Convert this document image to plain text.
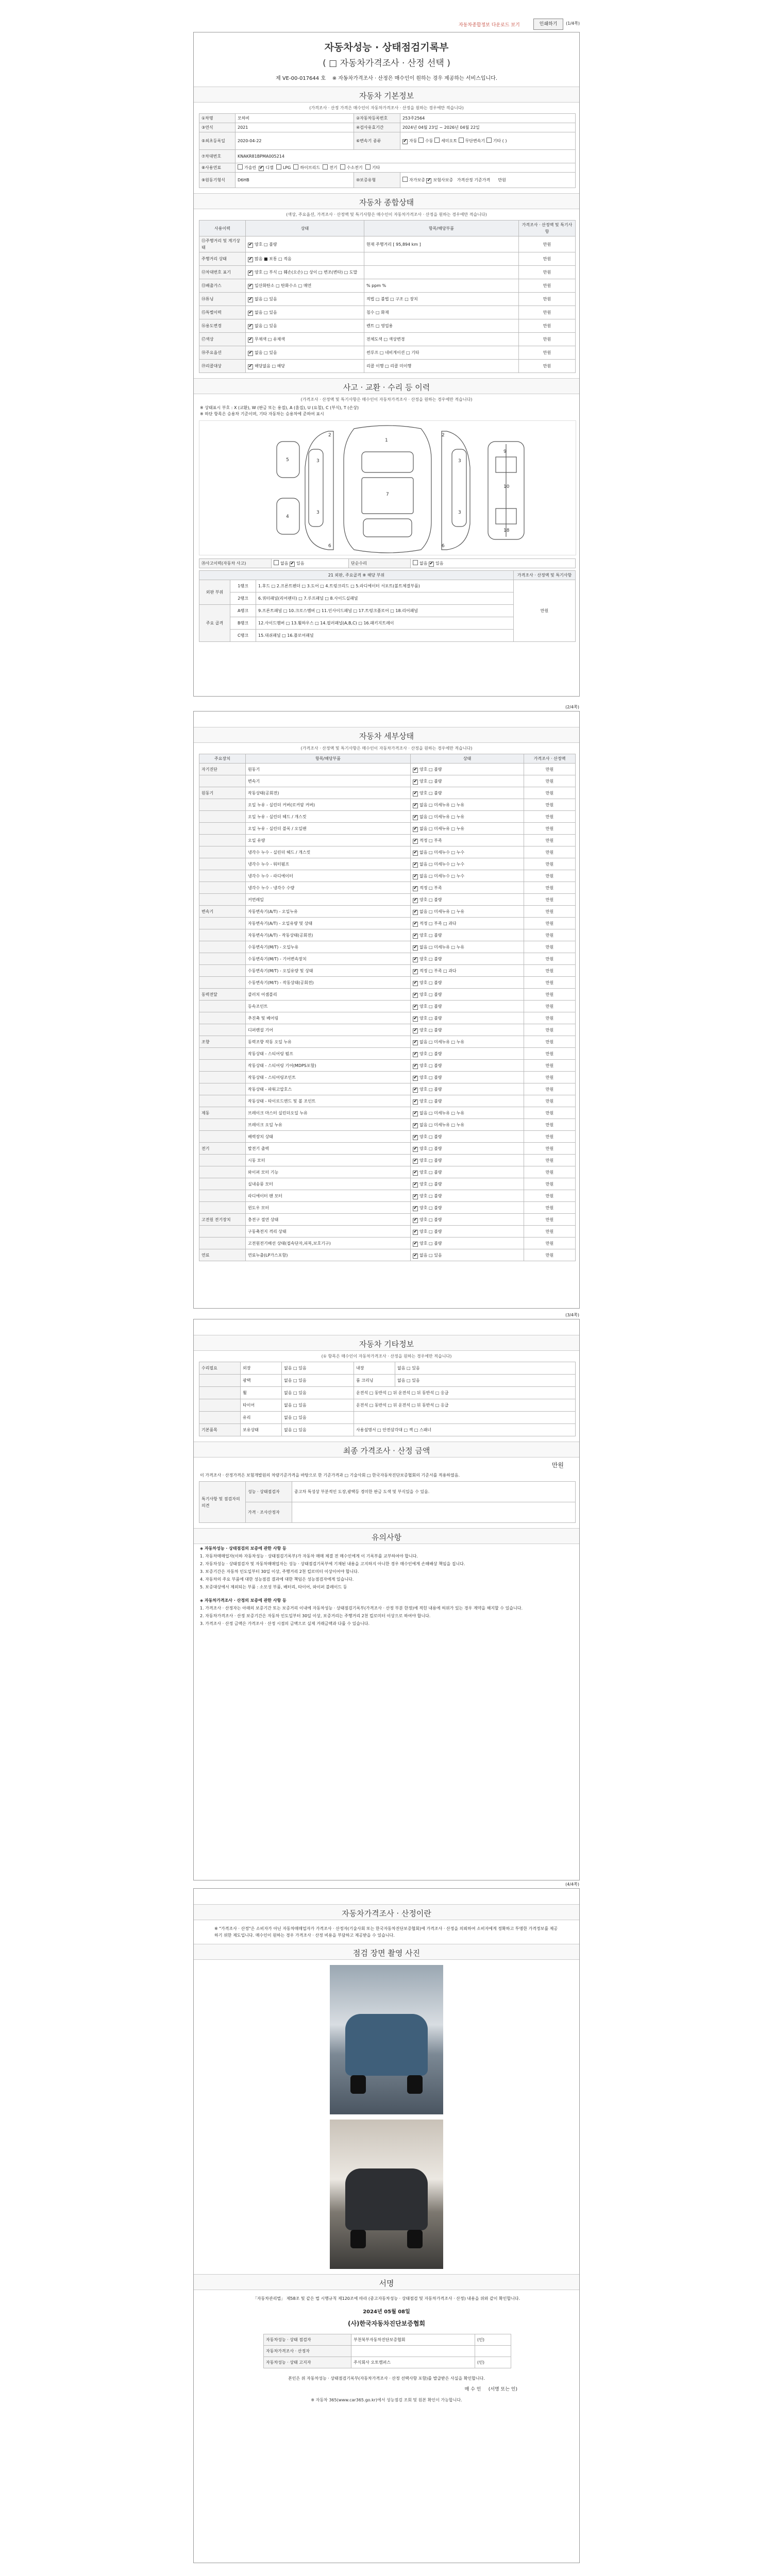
자동차종합정보 다운로드 보기	인쇄하기	(1/4쪽)
자동차성능 · 상태점검기록부
( □ 자동차가격조사 · 산정 선택 )
제 VE-00-017644 호 ※ 자동차가격조사 · 산정은 매수인이 원하는 경우 제공하는 서비스입니다.
자동차 기본정보
(가격조사 · 산정 가격은 매수인이 자동차가격조사 · 산정을 원하는 경우에만 적습니다)
①차명	모하비	②자동차등록번호	253주2564
③연식	2021	④검사유효기간	2024년 04월 23일 ~ 2026년 04월 22일
⑤최초등록일	2020-04-22	⑥변속기 종류	✔자동 수동 세미오토 무단변속기 기타 ( )
⑦차대번호	KNAKR81BPMA005214		
⑧사용연료	가솔린 ✔ 디젤 LPG 하이브리드 전기 수소전기 기타
⑨원동기형식	D6HB	⑩보증유형	자가보증 ✔ 보험사보증 가격산정 기준가격 만원
자동차 종합상태
(색상, 주요옵션, 가격조사 · 산정액 및 특기사항은 매수인이 자동차가격조사 · 산정을 원하는 경우에만 적습니다)
사용이력	상태	항목/해당부품	가격조사 · 산정액 및 특기사항
⑪주행거리 및 계기상태	✔양호 □ 불량	현재 주행거리 [ 95,894 km ]	만원
주행거리 상태	✔많음 ■ 보통 □ 적음		만원
⑫차대번호 표기	✔양호 □ 부식 □ 훼손(오손) □ 상이 □ 변조(변타) □ 도말		만원
⑬배출가스	✔일산화탄소 □ 탄화수소 □ 매연	% ppm %	만원
⑭튜닝	✔없음 □ 있음	적법 □ 불법 □ 구조 □ 장치	만원
⑮특별이력	✔없음 □ 있음	침수 □ 화재	만원
⑯용도변경	✔없음 □ 있음	렌트 □ 영업용	만원
⑰색상	✔무채색 □ 유채색	전체도색 □ 색상변경	만원
⑱주요옵션	✔없음 □ 있음	썬루프 □ 네비게이션 □ 기타	만원
⑲리콜대상	✔해당없음 □ 해당	리콜 이행 □ 리콜 미이행	만원
사고 · 교환 · 수리 등 이력
(가격조사 · 산정액 및 특기사항은 매수인이 자동차가격조사 · 산정을 원하는 경우에만 적습니다)
※ 상태표시 부호 : X (교환), W (판금 또는 용접), A (흠집), U (요철), C (부식), T (손상)
※ 하단 항목은 승용차 기준이며, 기타 자동차는 승용차에 준하여 표시
1
3
3
3
3
7
2	2
6	6
9
10
18
5
4
⑳사고이력(자동차 사고)	없음 ✔ 있음	단순수리	없음 ✔ 있음
21 외판, 주요골격 ※ 해당 부위			가격조사 · 산정액 및 특기사항
외판 부위	1랭크	1.후드 □ 2.프론트펜더 □ 3.도어 □ 4.트렁크리드 □ 5.라디에이터 서포트(볼트체결부품)	만원
	2랭크	6.쿼터패널(리어펜더) □ 7.루프패널 □ 8.사이드실패널	
주요 골격	A랭크	9.프론트패널 □ 10.크로스멤버 □ 11.인사이드패널 □ 17.트렁크플로어 □ 18.리어패널	
	B랭크	12.사이드멤버 □ 13.휠하우스 □ 14.필러패널(A,B,C) □ 16.패키지트레이	
	C랭크	15.대쉬패널 □ 16.플로어패널	
(2/4쪽)
자동차 세부상태
(가격조사 · 산정액 및 특기사항은 매수인이 자동차가격조사 · 산정을 원하는 경우에만 적습니다)
주요장치	항목/해당부품	상태	가격조사 · 산정액
자기진단	원동기	✔양호 □ 불량	만원
	변속기	✔양호 □ 불량	만원
원동기	작동상태(공회전)	✔양호 □ 불량	만원
	오일 누유 - 실린더 커버(로커암 커버)	✔없음 □ 미세누유 □ 누유	만원
	오일 누유 - 실린더 헤드 / 개스킷	✔없음 □ 미세누유 □ 누유	만원
	오일 누유 - 실린더 블록 / 오일팬	✔없음 □ 미세누유 □ 누유	만원
	오일 유량	✔적정 □ 부족	만원
	냉각수 누수 - 실린더 헤드 / 개스킷	✔없음 □ 미세누수 □ 누수	만원
	냉각수 누수 - 워터펌프	✔없음 □ 미세누수 □ 누수	만원
	냉각수 누수 - 라디에이터	✔없음 □ 미세누수 □ 누수	만원
	냉각수 누수 - 냉각수 수량	✔적정 □ 부족	만원
	커먼레일	✔양호 □ 불량	만원
변속기	자동변속기(A/T) - 오일누유	✔없음 □ 미세누유 □ 누유	만원
	자동변속기(A/T) - 오일유량 및 상태	✔적정 □ 부족 □ 과다	만원
	자동변속기(A/T) - 작동상태(공회전)	✔양호 □ 불량	만원
	수동변속기(M/T) - 오일누유	✔없음 □ 미세누유 □ 누유	만원
	수동변속기(M/T) - 기어변속장치	✔양호 □ 불량	만원
	수동변속기(M/T) - 오일유량 및 상태	✔적정 □ 부족 □ 과다	만원
	수동변속기(M/T) - 작동상태(공회전)	✔양호 □ 불량	만원
동력전달	클러치 어셈블리	✔양호 □ 불량	만원
	등속조인트	✔양호 □ 불량	만원
	추진축 및 베어링	✔양호 □ 불량	만원
	디퍼렌셜 기어	✔양호 □ 불량	만원
조향	동력조향 작동 오일 누유	✔없음 □ 미세누유 □ 누유	만원
	작동상태 - 스티어링 펌프	✔양호 □ 불량	만원
	작동상태 - 스티어링 기어(MDPS포함)	✔양호 □ 불량	만원
	작동상태 - 스티어링조인트	✔양호 □ 불량	만원
	작동상태 - 파워고압호스	✔양호 □ 불량	만원
	작동상태 - 타이로드엔드 및 볼 조인트	✔양호 □ 불량	만원
제동	브레이크 마스터 실린더오일 누유	✔없음 □ 미세누유 □ 누유	만원
	브레이크 오일 누유	✔없음 □ 미세누유 □ 누유	만원
	배력장치 상태	✔양호 □ 불량	만원
전기	발전기 출력	✔양호 □ 불량	만원
	시동 모터	✔양호 □ 불량	만원
	와이퍼 모터 기능	✔양호 □ 불량	만원
	실내송풍 모터	✔양호 □ 불량	만원
	라디에이터 팬 모터	✔양호 □ 불량	만원
	윈도우 모터	✔양호 □ 불량	만원
고전원 전기장치	충전구 절연 상태	✔양호 □ 불량	만원
	구동축전지 격리 상태	✔양호 □ 불량	만원
	고전원전기배선 상태(접속단자,피복,보호기구)	✔양호 □ 불량	만원
연료	연료누출(LP가스포함)	✔없음 □ 있음	만원
(3/4쪽)
자동차 기타정보
(① 항목은 매수인이 자동차가격조사 · 산정을 원하는 경우에만 적습니다)
수리필요	외장	없음 □ 있음	내장	없음 □ 있음
	광택	없음 □ 있음	룸 크리닝	없음 □ 있음
	휠	없음 □ 있음	운전석 □ 동반석 □ 뒤 운전석 □ 뒤 동반석 □ 응급	
	타이어	없음 □ 있음	운전석 □ 동반석 □ 뒤 운전석 □ 뒤 동반석 □ 응급	
	유리	없음 □ 있음		
기본품목	보유상태	없음 □ 있음	사용설명서 □ 안전삼각대 □ 잭 □ 스패너	
최종 가격조사 · 산정 금액
만원
이 가격조사 · 산정가격은 보험개발원의 차량기준가격을 바탕으로 한 기준가격과 □ 기술사회 □ 한국자동차진단보증협회의 기준서를 적용하였음.
특기사항 및 점검자의 의견	성능 · 상태점검자	중고차 특성상 부분적인 도장,광택등 경미한 판금 도색 및 부식있을 수 있음.
	가격 · 조사산정자	
유의사항

◈ 자동차성능 · 상태점검의 보증에 관한 사항 등

1. 자동차매매업자(이하 자동차성능 · 상태점검기록부)가 자동차 매매 체결 전 매수인에게 이 기록부를 교부하여야 합니다.

2. 자동차성능 · 상태점검자 및 자동차매매업자는 성능 · 상태점검기록부에 기재된 내용을 고지하지 아니한 경우 매수인에게 손해배상 책임을 집니다.

3. 보증기간은 자동차 인도일부터 30일 이상, 주행거리 2천 킬로미터 이상이어야 합니다.

4. 자동차의 주요 부품에 대한 성능점검 결과에 대한 책임은 성능점검자에게 있습니다.

5. 보증대상에서 제외되는 부품 : 소모성 부품, 배터리, 타이어, 와이퍼 블레이드 등

◈ 자동차가격조사 · 산정의 보증에 관한 사항 등

1. 가격조사 · 산정자는 아래의 보증기간 또는 보증거리 이내에 자동차성능 · 상태점검기록부(가격조사 · 산정 부분 한정)에 적힌 내용에 허위가 있는 경우 계약을 해지할 수 있습니다.

2. 자동차가격조사 · 산정 보증기간은 자동차 인도일부터 30일 이상, 보증거리는 주행거리 2천 킬로미터 이상으로 하여야 합니다.

3. 가격조사 · 산정 금액은 가격조사 · 산정 시점의 금액으로 실제 거래금액과 다를 수 있습니다.

(4/4쪽)
자동차가격조사 · 산정이란
※ "가격조사 · 산정"은 소비자가 아닌 자동차매매업자가 가격조사 · 산정자(기술사회 또는 한국자동차진단보증협회)에 가격조사 · 산정을 의뢰하여 소비자에게 정확하고 투명한 가격정보를 제공하기 위한 제도입니다. 매수인이 원하는 경우 가격조사 · 산정 비용을 부담하고 제공받을 수 있습니다.
점검 장면 촬영 사진
서명
「자동차관리법」 제58조 및 같은 법 시행규칙 제120조에 따라 (중고자동차성능 · 상태점검 및 자동차가격조사 · 산정) 내용을 위와 같이 확인합니다.
2024년 05월 08일
(사)한국자동차진단보증협회
자동차성능 · 상태 점검자	부천북부자동차진단보증협회	(인)
자동차가격조사 · 산정자		
자동차성능 · 상태 고지자	주식회사 오토캠퍼스	(인)
본인은 위 자동차성능 · 상태점검기록부(자동차가격조사 · 산정 선택사항 포함)를 발급받은 사실을 확인합니다.
매 수 인 (서명 또는 인)
※ 자동차 365(www.car365.go.kr)에서 성능점검 조회 및 원본 확인이 가능합니다.
